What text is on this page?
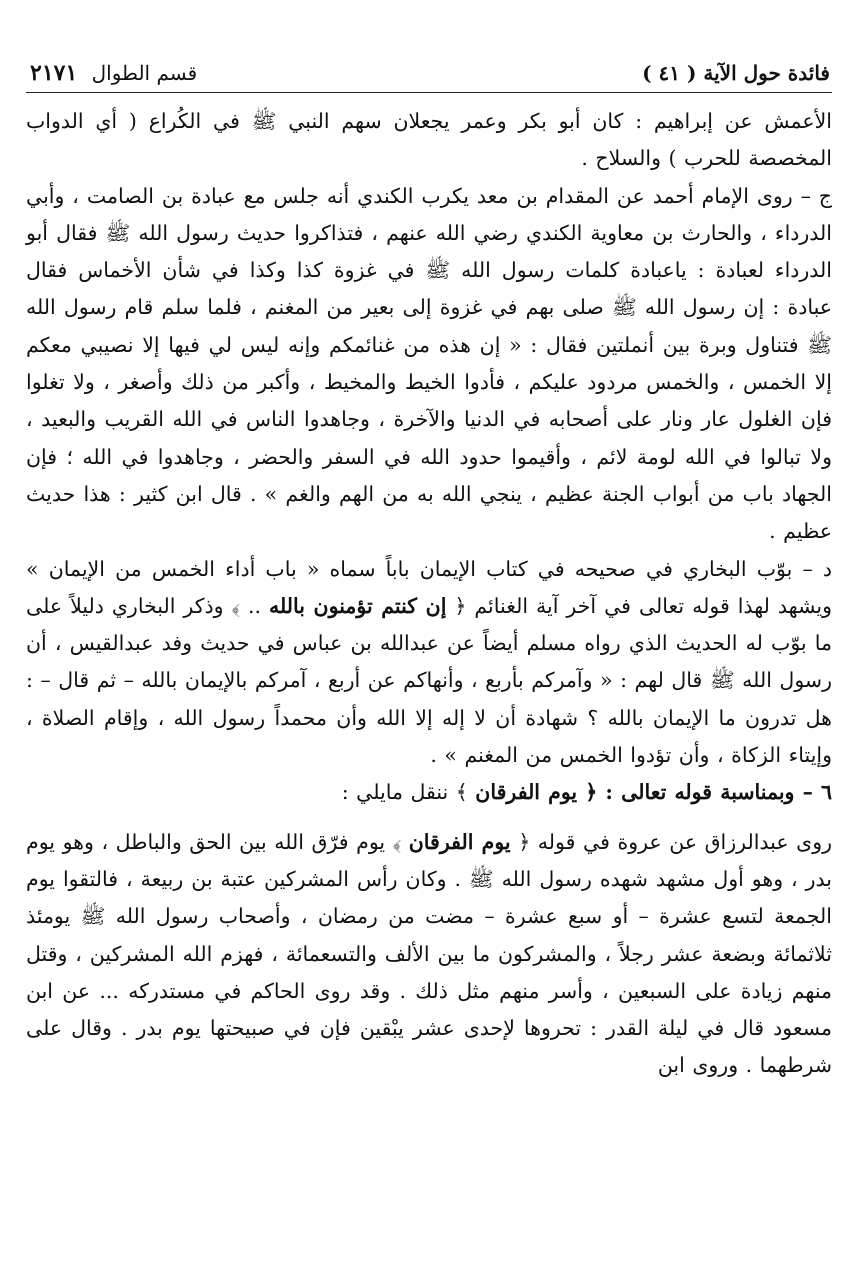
فائدة حول الآية ( ٤١ )
قسم الطوال ٢١٧١

الأعمش عن إبراهيم : كان أبو بكر وعمر يجعلان سهم النبي ﷺ في الكُراع ( أي الدواب المخصصة للحرب ) والسلاح .

ج – روى الإمام أحمد عن المقدام بن معد يكرب الكندي أنه جلس مع عبادة بن الصامت ، وأبي الدرداء ، والحارث بن معاوية الكندي رضي الله عنهم ، فتذاكروا حديث رسول الله ﷺ فقال أبو الدرداء لعبادة : ياعبادة كلمات رسول الله ﷺ في غزوة كذا وكذا في شأن الأخماس فقال عبادة : إن رسول الله ﷺ صلى بهم في غزوة إلى بعير من المغنم ، فلما سلم قام رسول الله ﷺ فتناول وبرة بين أنملتين فقال : « إن هذه من غنائمكم وإنه ليس لي فيها إلا نصيبي معكم إلا الخمس ، والخمس مردود عليكم ، فأدوا الخيط والمخيط ، وأكبر من ذلك وأصغر ، ولا تغلوا فإن الغلول عار ونار على أصحابه في الدنيا والآخرة ، وجاهدوا الناس في الله القريب والبعيد ، ولا تبالوا في الله لومة لائم ، وأقيموا حدود الله في السفر والحضر ، وجاهدوا في الله ؛ فإن الجهاد باب من أبواب الجنة عظيم ، ينجي الله به من الهم والغم » . قال ابن كثير : هذا حديث عظيم .

د – بوّب البخاري في صحيحه في كتاب الإيمان باباً سماه « باب أداء الخمس من الإيمان » ويشهد لهذا قوله تعالى في آخر آية الغنائم ﴿ إن كنتم تؤمنون بالله .. ﴾ وذكر البخاري دليلاً على ما بوّب له الحديث الذي رواه مسلم أيضاً عن عبدالله بن عباس في حديث وفد عبدالقيس ، أن رسول الله ﷺ قال لهم : « وآمركم بأربع ، وأنهاكم عن أربع ، آمركم بالإيمان بالله – ثم قال – : هل تدرون ما الإيمان بالله ؟ شهادة أن لا إله إلا الله وأن محمداً رسول الله ، وإقام الصلاة ، وإيتاء الزكاة ، وأن تؤدوا الخمس من المغنم » .

٦ – وبمناسبة قوله تعالى : ﴿ يوم الفرقان ﴾ ننقل مايلي :

روى عبدالرزاق عن عروة في قوله ﴿ يوم الفرقان ﴾ يوم فرّق الله بين الحق والباطل ، وهو يوم بدر ، وهو أول مشهد شهده رسول الله ﷺ . وكان رأس المشركين عتبة بن ربيعة ، فالتقوا يوم الجمعة لتسع عشرة – أو سبع عشرة – مضت من رمضان ، وأصحاب رسول الله ﷺ يومئذ ثلاثمائة وبضعة عشر رجلاً ، والمشركون ما بين الألف والتسعمائة ، فهزم الله المشركين ، وقتل منهم زيادة على السبعين ، وأسر منهم مثل ذلك . وقد روى الحاكم في مستدركه ... عن ابن مسعود قال في ليلة القدر : تحروها لإحدى عشر يبْقين فإن في صبيحتها يوم بدر . وقال على شرطهما . وروى ابن
